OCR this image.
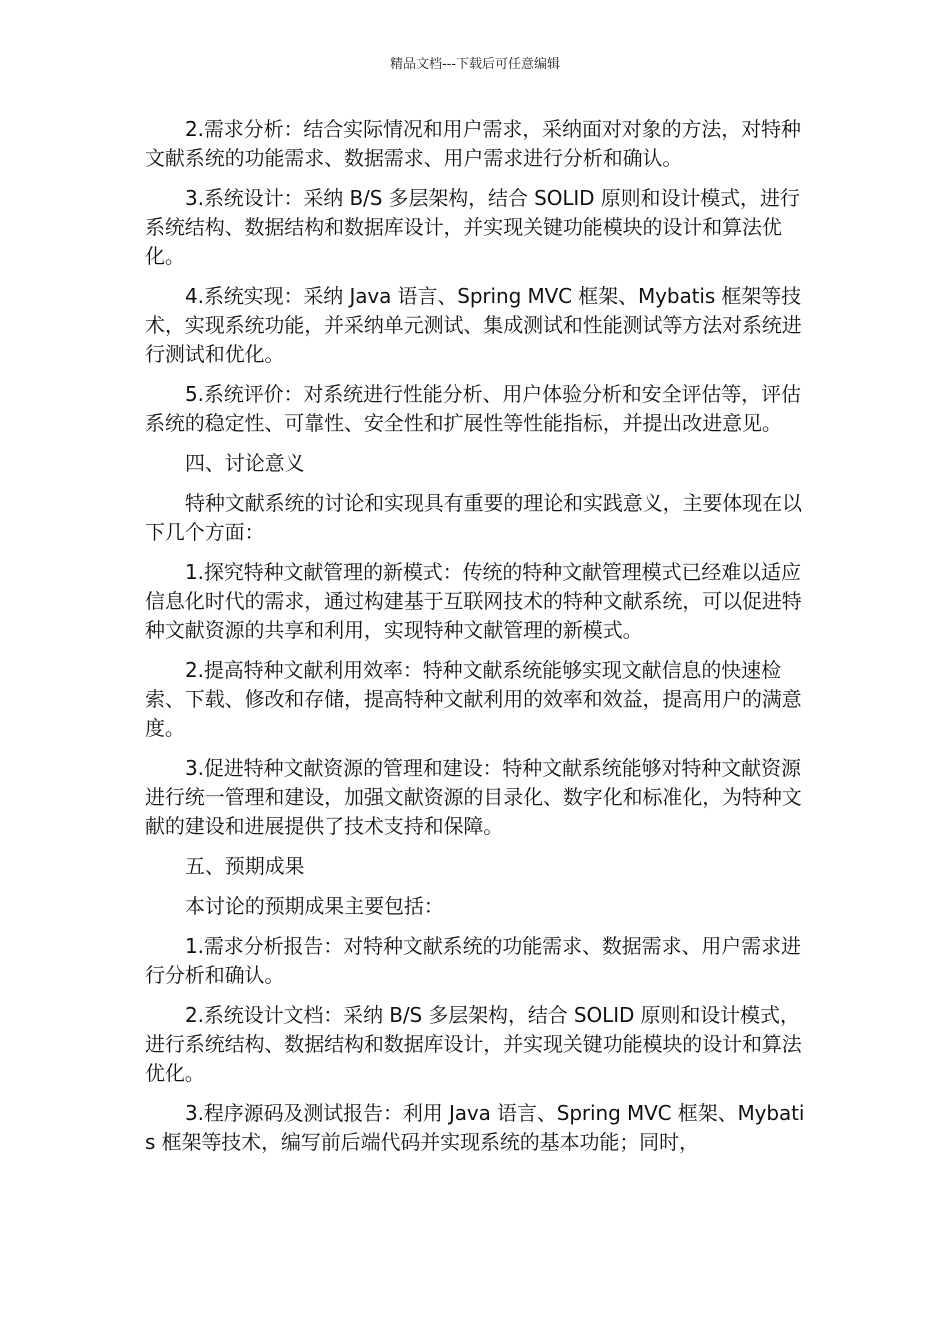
精品文档---下载后可任意编辑

2.需求分析：结合实际情况和用户需求，采纳面对对象的方法，对特种文献系统的功能需求、数据需求、用户需求进行分析和确认。

3.系统设计：采纳 B/S 多层架构，结合 SOLID 原则和设计模式，进行系统结构、数据结构和数据库设计，并实现关键功能模块的设计和算法优化。

4.系统实现：采纳 Java 语言、Spring MVC 框架、Mybatis 框架等技术，实现系统功能，并采纳单元测试、集成测试和性能测试等方法对系统进行测试和优化。

5.系统评价：对系统进行性能分析、用户体验分析和安全评估等，评估系统的稳定性、可靠性、安全性和扩展性等性能指标，并提出改进意见。

四、讨论意义

特种文献系统的讨论和实现具有重要的理论和实践意义，主要体现在以下几个方面：

1.探究特种文献管理的新模式：传统的特种文献管理模式已经难以适应信息化时代的需求，通过构建基于互联网技术的特种文献系统，可以促进特种文献资源的共享和利用，实现特种文献管理的新模式。

2.提高特种文献利用效率：特种文献系统能够实现文献信息的快速检索、下载、修改和存储，提高特种文献利用的效率和效益，提高用户的满意度。

3.促进特种文献资源的管理和建设：特种文献系统能够对特种文献资源进行统一管理和建设，加强文献资源的目录化、数字化和标准化，为特种文献的建设和进展提供了技术支持和保障。

五、预期成果

本讨论的预期成果主要包括：

1.需求分析报告：对特种文献系统的功能需求、数据需求、用户需求进行分析和确认。

2.系统设计文档：采纳 B/S 多层架构，结合 SOLID 原则和设计模式，进行系统结构、数据结构和数据库设计，并实现关键功能模块的设计和算法优化。

3.程序源码及测试报告：利用 Java 语言、Spring MVC 框架、Mybatis 框架等技术，编写前后端代码并实现系统的基本功能；同时，
